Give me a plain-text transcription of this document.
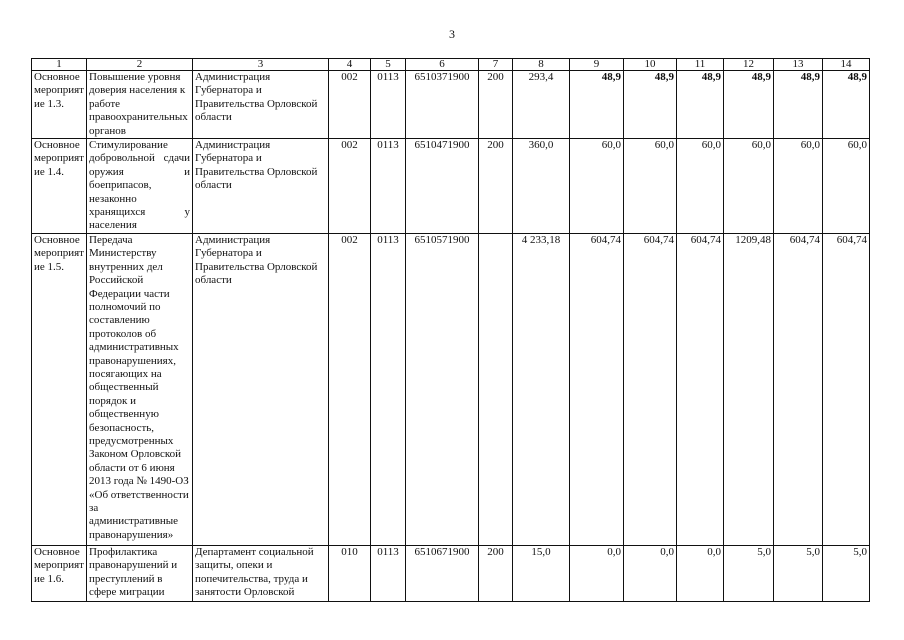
3
1	2	3	4	5	6	7	8	9	10	11	12	13	14
Основное мероприятие 1.3.	Повышение уровня доверия населения к работе правоохранительных органов	Администрация Губернатора и Правительства Орловской области	002	0113	6510371900	200	293,4	48,9	48,9	48,9	48,9	48,9	48,9
Основное мероприятие 1.4.	Стимулирование добровольной сдачи оружия и боеприпасов, незаконно хранящихся у населения	Администрация Губернатора и Правительства Орловской области	002	0113	6510471900	200	360,0	60,0	60,0	60,0	60,0	60,0	60,0
Основное мероприятие 1.5.	Передача Министерству внутренних дел Российской Федерации части полномочий по составлению протоколов об административных правонарушениях, посягающих на общественный порядок и общественную безопасность, предусмотренных Законом Орловской области от 6 июня 2013 года № 1490-ОЗ «Об ответственности за административные правонарушения»	Администрация Губернатора и Правительства Орловской области	002	0113	6510571900		4 233,18	604,74	604,74	604,74	1209,48	604,74	604,74
Основное мероприятие 1.6.	Профилактика правонарушений и преступлений в сфере миграции	Департамент социальной защиты, опеки и попечительства, труда и занятости Орловской	010	0113	6510671900	200	15,0	0,0	0,0	0,0	5,0	5,0	5,0
